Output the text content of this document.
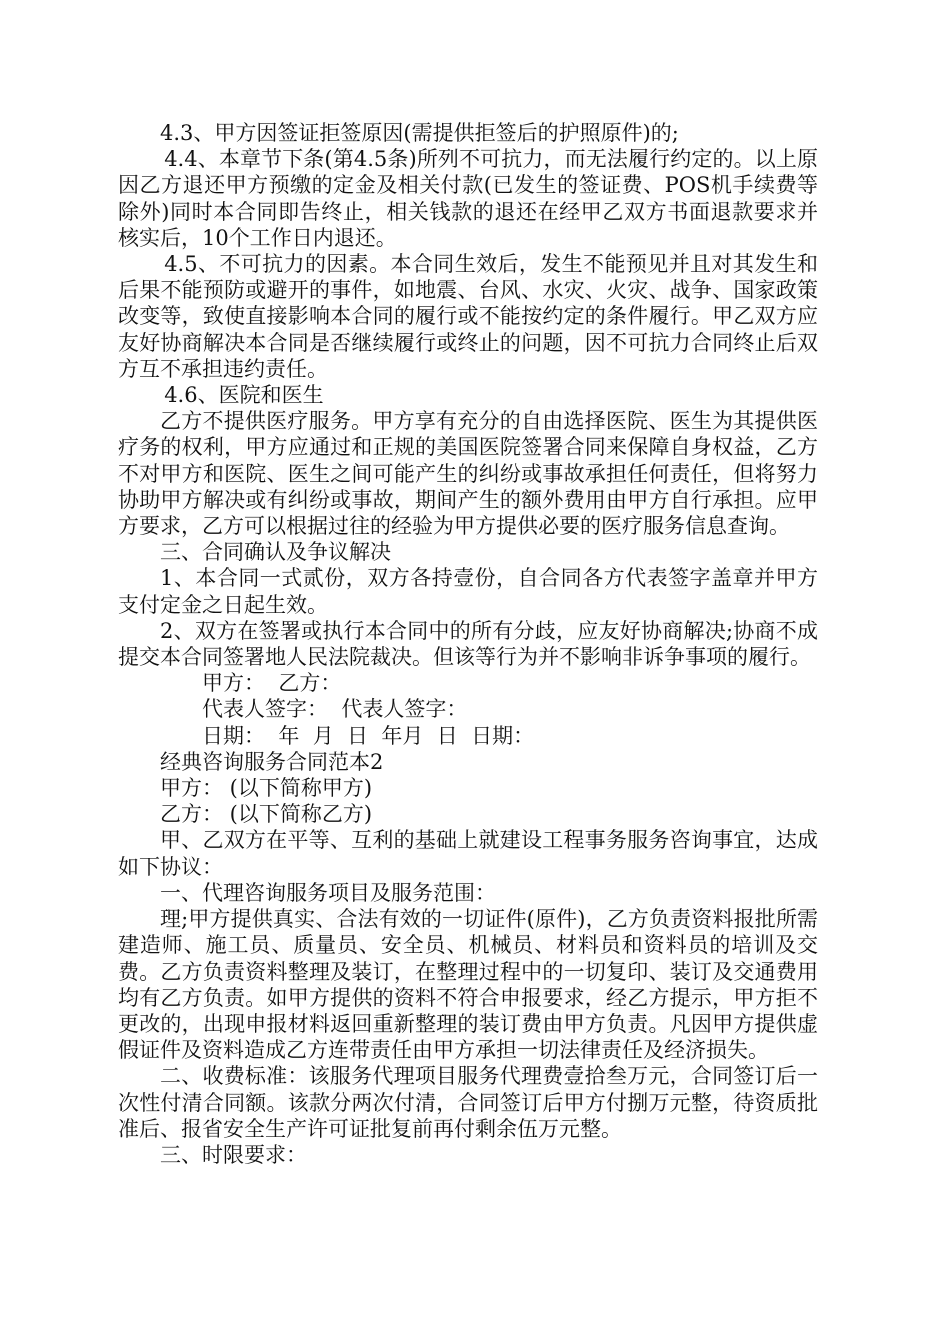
4.3、甲方因签证拒签原因(需提供拒签后的护照原件)的;

4.4、本章节下条(第4.5条)所列不可抗力，而无法履行约定的。以上原因乙方退还甲方预缴的定金及相关付款(已发生的签证费、POS机手续费等除外)同时本合同即告终止，相关钱款的退还在经甲乙双方书面退款要求并核实后，10个工作日内退还。

4.5、不可抗力的因素。本合同生效后，发生不能预见并且对其发生和后果不能预防或避开的事件，如地震、台风、水灾、火灾、战争、国家政策改变等，致使直接影响本合同的履行或不能按约定的条件履行。甲乙双方应友好协商解决本合同是否继续履行或终止的问题，因不可抗力合同终止后双方互不承担违约责任。

4.6、医院和医生

乙方不提供医疗服务。甲方享有充分的自由选择医院、医生为其提供医疗务的权利，甲方应通过和正规的美国医院签署合同来保障自身权益，乙方不对甲方和医院、医生之间可能产生的纠纷或事故承担任何责任，但将努力协助甲方解决或有纠纷或事故，期间产生的额外费用由甲方自行承担。应甲方要求，乙方可以根据过往的经验为甲方提供必要的医疗服务信息查询。

三、合同确认及争议解决

1、本合同一式贰份，双方各持壹份，自合同各方代表签字盖章并甲方支付定金之日起生效。

2、双方在签署或执行本合同中的所有分歧，应友好协商解决;协商不成提交本合同签署地人民法院裁决。但该等行为并不影响非诉争事项的履行。

甲方：  乙方：

代表人签字：  代表人签字：

日期：  年  月  日  年月  日  日期：

经典咨询服务合同范本2

甲方： (以下简称甲方)

乙方： (以下简称乙方)

甲、乙双方在平等、互利的基础上就建设工程事务服务咨询事宜，达成如下协议：

一、代理咨询服务项目及服务范围：

理;甲方提供真实、合法有效的一切证件(原件)，乙方负责资料报批所需建造师、施工员、质量员、安全员、机械员、材料员和资料员的培训及交费。乙方负责资料整理及装订，在整理过程中的一切复印、装订及交通费用均有乙方负责。如甲方提供的资料不符合申报要求，经乙方提示，甲方拒不更改的，出现申报材料返回重新整理的装订费由甲方负责。凡因甲方提供虚假证件及资料造成乙方连带责任由甲方承担一切法律责任及经济损失。

二、收费标准：该服务代理项目服务代理费壹拾叁万元，合同签订后一次性付清合同额。该款分两次付清，合同签订后甲方付捌万元整，待资质批准后、报省安全生产许可证批复前再付剩余伍万元整。

三、时限要求：
